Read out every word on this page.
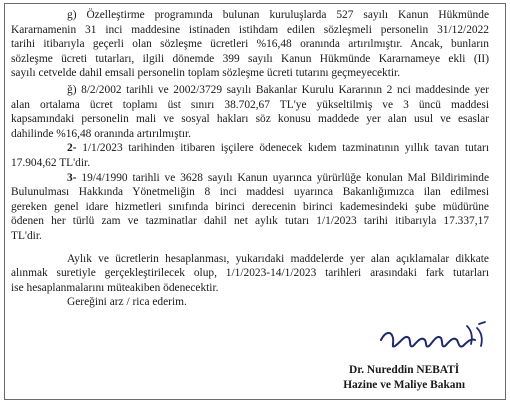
g) Özelleştirme programında bulunan kuruluşlarda 527 sayılı Kanun Hükmünde
Kararnamenin 31 inci maddesine istinaden istihdam edilen sözleşmeli personelin 31/12/2022
tarihi itibarıyla geçerli olan sözleşme ücretleri %16,48 oranında artırılmıştır. Ancak, bunların
sözleşme ücreti tutarları, ilgili dönemde 399 sayılı Kanun Hükmünde Kararnameye ekli (II)
sayılı cetvelde dahil emsali personelin toplam sözleşme ücreti tutarını geçmeyecektir.
ğ) 8/2/2002 tarihli ve 2002/3729 sayılı Bakanlar Kurulu Kararının 2 nci maddesinde yer
alan ortalama ücret toplamı üst sınırı 38.702,67 TL'ye yükseltilmiş ve 3 üncü maddesi
kapsamındaki personelin mali ve sosyal hakları söz konusu maddede yer alan usul ve esaslar
dahilinde %16,48 oranında artırılmıştır.
2- 1/1/2023 tarihinden itibaren işçilere ödenecek kıdem tazminatının yıllık tavan tutarı
17.904,62 TL'dir.
3- 19/4/1990 tarihli ve 3628 sayılı Kanun uyarınca yürürlüğe konulan Mal Bildiriminde
Bulunulması Hakkında Yönetmeliğin 8 inci maddesi uyarınca Bakanlığımızca ilan edilmesi
gereken genel idare hizmetleri sınıfında birinci derecenin birinci kademesindeki şube müdürüne
ödenen her türlü zam ve tazminatlar dahil net aylık tutarı 1/1/2023 tarihi itibarıyla 17.337,17
TL'dir.
Aylık ve ücretlerin hesaplanması, yukarıdaki maddelerde yer alan açıklamalar dikkate
alınmak suretiyle gerçekleştirilecek olup, 1/1/2023-14/1/2023 tarihleri arasındaki fark tutarları
ise hesaplanmalarını müteakiben ödenecektir.
Gereğini arz / rica ederim.
Dr. Nureddin NEBATİ
Hazine ve Maliye Bakanı
